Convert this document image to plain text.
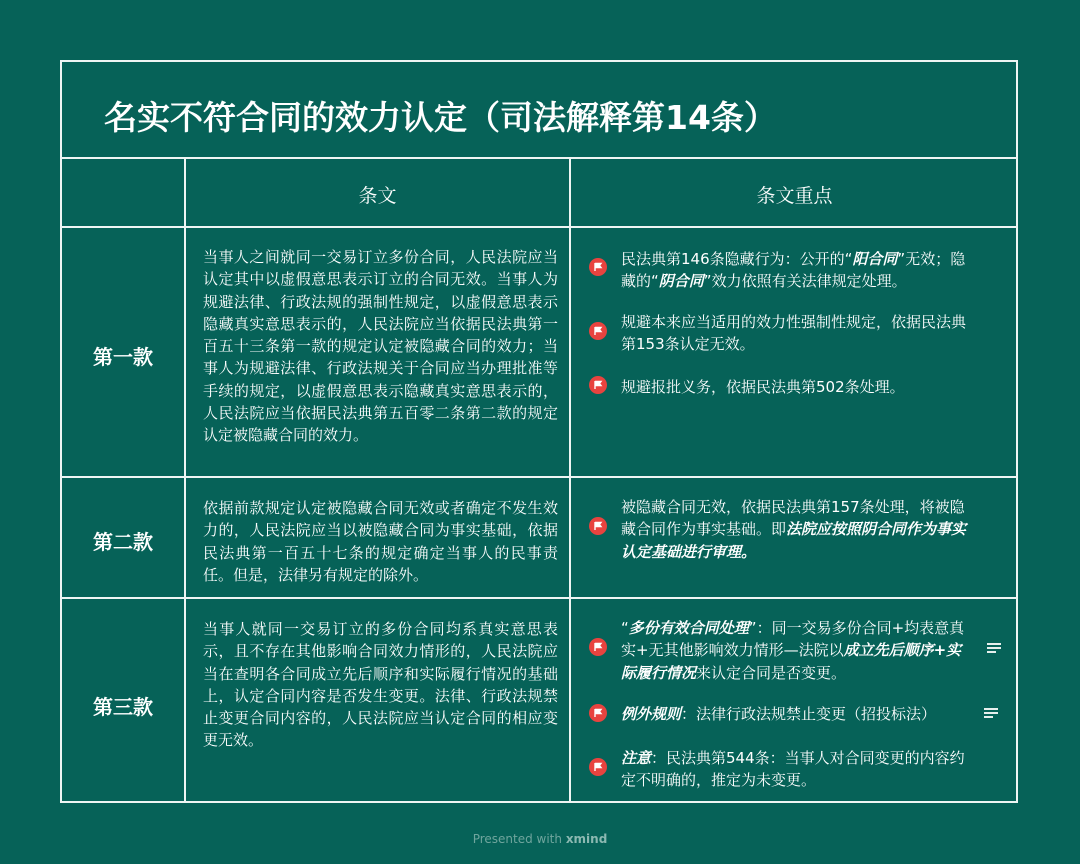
名实不符合同的效力认定（司法解释第14条）
条文	条文重点
第一款
当事人之间就同一交易订立多份合同，人民法院应当认定其中以虚假意思表示订立的合同无效。当事人为规避法律、行政法规的强制性规定，以虚假意思表示隐藏真实意思表示的，人民法院应当依据民法典第一百五十三条第一款的规定认定被隐藏合同的效力；当事人为规避法律、行政法规关于合同应当办理批准等手续的规定，以虚假意思表示隐藏真实意思表示的，人民法院应当依据民法典第五百零二条第二款的规定认定被隐藏合同的效力。
民法典第146条隐藏行为：公开的“阳合同”无效；隐藏的“阴合同”效力依照有关法律规定处理。
规避本来应当适用的效力性强制性规定，依据民法典第153条认定无效。
规避报批义务，依据民法典第502条处理。
第二款
依据前款规定认定被隐藏合同无效或者确定不发生效力的，人民法院应当以被隐藏合同为事实基础，依据民法典第一百五十七条的规定确定当事人的民事责任。但是，法律另有规定的除外。
被隐藏合同无效，依据民法典第157条处理，将被隐藏合同作为事实基础。即法院应按照阴合同作为事实认定基础进行审理。
第三款
当事人就同一交易订立的多份合同均系真实意思表示，且不存在其他影响合同效力情形的，人民法院应当在查明各合同成立先后顺序和实际履行情况的基础上，认定合同内容是否发生变更。法律、行政法规禁止变更合同内容的，人民法院应当认定合同的相应变更无效。
“多份有效合同处理”：同一交易多份合同+均表意真实+无其他影响效力情形—法院以成立先后顺序+实际履行情况来认定合同是否变更。
例外规则：法律行政法规禁止变更（招投标法）
注意：民法典第544条：当事人对合同变更的内容约定不明确的，推定为未变更。
Presented with xmind
